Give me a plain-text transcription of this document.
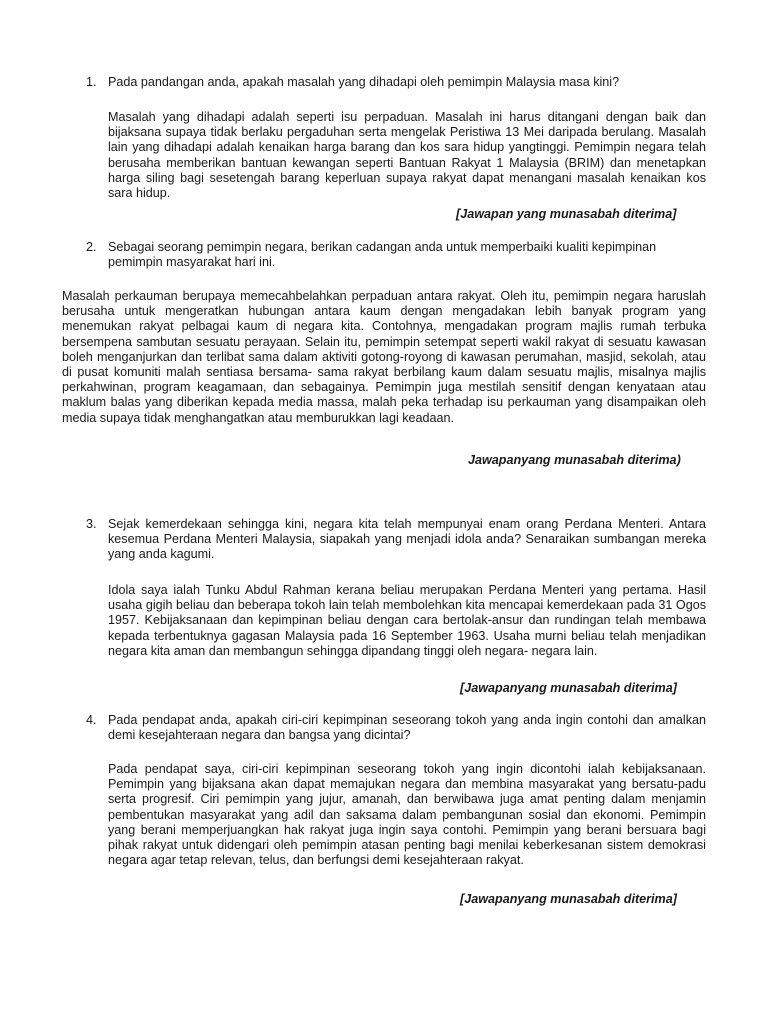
1. Pada pandangan anda, apakah masalah yang dihadapi oleh pemimpin Malaysia masa kini?
Masalah yang dihadapi adalah seperti isu perpaduan. Masalah ini harus ditangani dengan baik dan bijaksana supaya tidak berlaku pergaduhan serta mengelak Peristiwa 13 Mei daripada berulang. Masalah lain yang dihadapi adalah kenaikan harga barang dan kos sara hidup yangtinggi. Pemimpin negara telah berusaha memberikan bantuan kewangan seperti Bantuan Rakyat 1 Malaysia (BRIM) dan menetapkan harga siling bagi sesetengah barang keperluan supaya rakyat dapat menangani masalah kenaikan kos sara hidup.
[Jawapan yang munasabah diterima]
2. Sebagai seorang pemimpin negara, berikan cadangan anda untuk memperbaiki kualiti kepimpinan pemimpin masyarakat hari ini.
Masalah perkauman berupaya memecahbelahkan perpaduan antara rakyat. Oleh itu, pemimpin negara haruslah berusaha untuk mengeratkan hubungan antara kaum dengan mengadakan lebih banyak program yang menemukan rakyat pelbagai kaum di negara kita. Contohnya, mengadakan program majlis rumah terbuka bersempena sambutan sesuatu perayaan. Selain itu, pemimpin setempat seperti wakil rakyat di sesuatu kawasan boleh menganjurkan dan terlibat sama dalam aktiviti gotong-royong di kawasan perumahan, masjid, sekolah, atau di pusat komuniti malah sentiasa bersama- sama rakyat berbilang kaum dalam sesuatu majlis, misalnya majlis perkahwinan, program keagamaan, dan sebagainya. Pemimpin juga mestilah sensitif dengan kenyataan atau maklum balas yang diberikan kepada media massa, malah peka terhadap isu perkauman yang disampaikan oleh media supaya tidak menghangatkan atau memburukkan lagi keadaan.
Jawapanyang munasabah diterima)
3. Sejak kemerdekaan sehingga kini, negara kita telah mempunyai enam orang Perdana Menteri. Antara kesemua Perdana Menteri Malaysia, siapakah yang menjadi idola anda? Senaraikan sumbangan mereka yang anda kagumi.
Idola saya ialah Tunku Abdul Rahman kerana beliau merupakan Perdana Menteri yang pertama. Hasil usaha gigih beliau dan beberapa tokoh lain telah membolehkan kita mencapai kemerdekaan pada 31 Ogos 1957. Kebijaksanaan dan kepimpinan beliau dengan cara bertolak-ansur dan rundingan telah membawa kepada terbentuknya gagasan Malaysia pada 16 September 1963. Usaha murni beliau telah menjadikan negara kita aman dan membangun sehingga dipandang tinggi oleh negara- negara lain.
[Jawapanyang munasabah diterima]
4. Pada pendapat anda, apakah ciri-ciri kepimpinan seseorang tokoh yang anda ingin contohi dan amalkan demi kesejahteraan negara dan bangsa yang dicintai?
Pada pendapat saya, ciri-ciri kepimpinan seseorang tokoh yang ingin dicontohi ialah kebijaksanaan. Pemimpin yang bijaksana akan dapat memajukan negara dan membina masyarakat yang bersatu-padu serta progresif. Ciri pemimpin yang jujur, amanah, dan berwibawa juga amat penting dalam menjamin pembentukan masyarakat yang adil dan saksama dalam pembangunan sosial dan ekonomi. Pemimpin yang berani memperjuangkan hak rakyat juga ingin saya contohi. Pemimpin yang berani bersuara bagi pihak rakyat untuk didengari oleh pemimpin atasan penting bagi menilai keberkesanan sistem demokrasi negara agar tetap relevan, telus, dan berfungsi demi kesejahteraan rakyat.
[Jawapanyang munasabah diterima]
